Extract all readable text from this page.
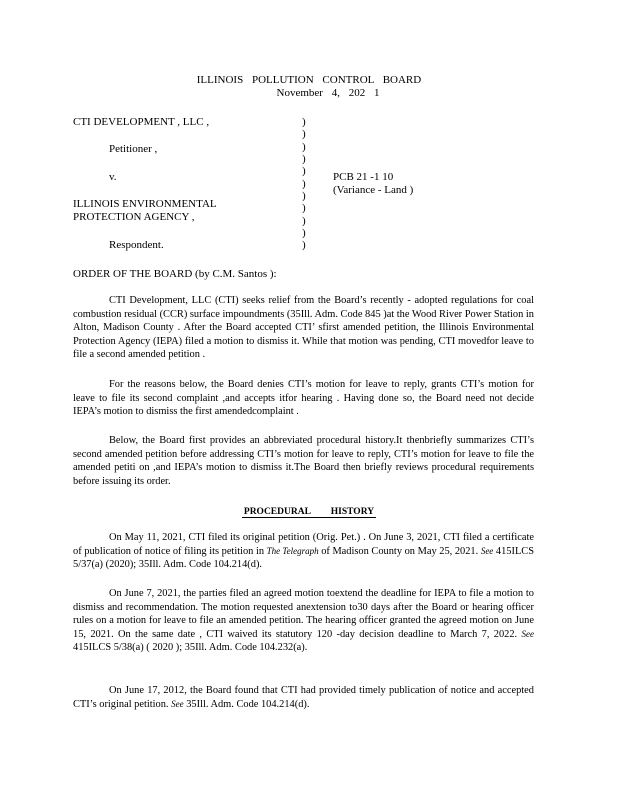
ILLINOIS POLLUTION CONTROL BOARD
November 4, 202 1
CTI DEVELOPMENT , LLC ,
Petitioner ,
v.
ILLINOIS ENVIRONMENTAL
PROTECTION AGENCY ,
Respondent.
PCB 21 -1 10
(Variance - Land )
)
)
)
)
)
)
)
)
)
)
)
ORDER OF THE BOARD (by C.M. Santos ):
CTI Development, LLC (CTI) seeks relief from the Board’s recently - adopted regulations for coal combustion residual (CCR) surface impoundments (35Ill. Adm. Code 845 )at the Wood River Power Station in Alton, Madison County . After the Board accepted CTI’ sfirst amended petition, the Illinois Environmental Protection Agency (IEPA) filed a motion to dismiss it. While that motion was pending, CTI movedfor leave to file a second amended petition .
For the reasons below, the Board denies CTI’s motion for leave to reply, grants CTI’s motion for leave to file its second complaint ,and accepts itfor hearing . Having done so, the Board need not decide IEPA’s motion to dismiss the first amendedcomplaint .
Below, the Board first provides an abbreviated procedural history.It thenbriefly summarizes CTI’s second amended petition before addressing CTI’s motion for leave to reply, CTI’s motion for leave to file the amended petiti on ,and IEPA’s motion to dismiss it.The Board then briefly reviews procedural requirements before issuing its order.
PROCEDURAL HISTORY
On May 11, 2021, CTI filed its original petition (Orig. Pet.) . On June 3, 2021, CTI filed a certificate of publication of notice of filing its petition in The Telegraph of Madison County on May 25, 2021. See 415ILCS 5/37(a) (2020); 35Ill. Adm. Code 104.214(d).
On June 7, 2021, the parties filed an agreed motion toextend the deadline for IEPA to file a motion to dismiss and recommendation. The motion requested anextension to30 days after the Board or hearing officer rules on a motion for leave to file an amended petition. The hearing officer granted the agreed motion on June 15, 2021. On the same date , CTI waived its statutory 120 -day decision deadline to March 7, 2022. See 415ILCS 5/38(a) ( 2020 ); 35Ill. Adm. Code 104.232(a).
On June 17, 2012, the Board found that CTI had provided timely publication of notice and accepted CTI’s original petition. See 35Ill. Adm. Code 104.214(d).
